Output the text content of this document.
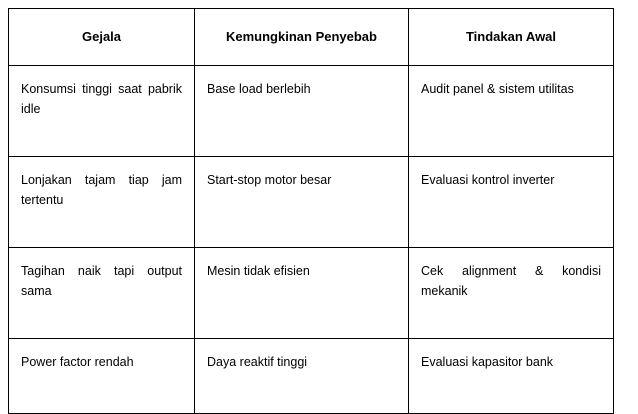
Gejala	Kemungkinan Penyebab	Tindakan Awal

Konsumsi tinggi saat pabrik idle	Base load berlebih	Audit panel & sistem utilitas

Lonjakan tajam tiap jam tertentu	Start-stop motor besar	Evaluasi kontrol inverter

Tagihan naik tapi output sama	Mesin tidak efisien	Cek alignment & kondisi mekanik

Power factor rendah	Daya reaktif tinggi	Evaluasi kapasitor bank
